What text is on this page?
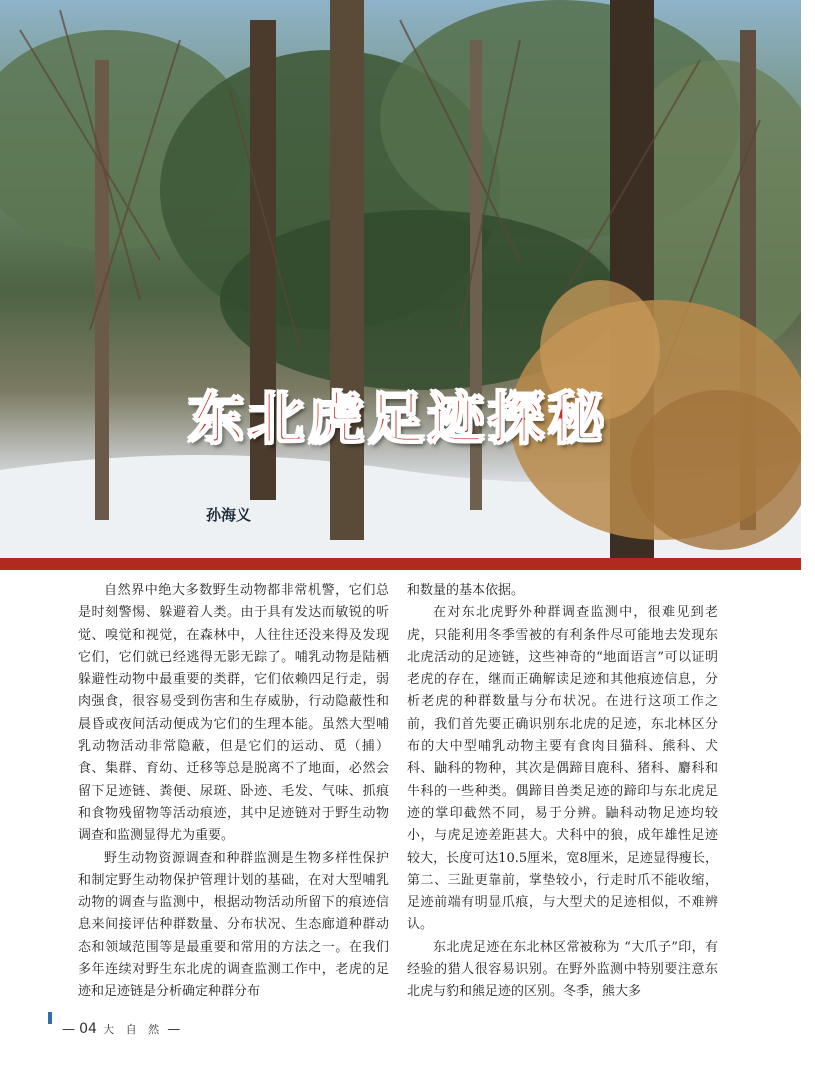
东北虎足迹探秘
孙海义

自然界中绝大多数野生动物都非常机警，它们总是时刻警惕、躲避着人类。由于具有发达而敏锐的听觉、嗅觉和视觉，在森林中，人往往还没来得及发现它们，它们就已经逃得无影无踪了。哺乳动物是陆栖躲避性动物中最重要的类群，它们依赖四足行走，弱肉强食，很容易受到伤害和生存威胁，行动隐蔽性和晨昏或夜间活动便成为它们的生理本能。虽然大型哺乳动物活动非常隐蔽，但是它们的运动、觅（捕）食、集群、育幼、迁移等总是脱离不了地面，必然会留下足迹链、粪便、尿斑、卧迹、毛发、气味、抓痕和食物残留物等活动痕迹，其中足迹链对于野生动物调查和监测显得尤为重要。

野生动物资源调查和种群监测是生物多样性保护和制定野生动物保护管理计划的基础，在对大型哺乳动物的调查与监测中，根据动物活动所留下的痕迹信息来间接评估种群数量、分布状况、生态廊道种群动态和领域范围等是最重要和常用的方法之一。在我们多年连续对野生东北虎的调查监测工作中，老虎的足迹和足迹链是分析确定种群分布

和数量的基本依据。

在对东北虎野外种群调查监测中，很难见到老虎，只能利用冬季雪被的有利条件尽可能地去发现东北虎活动的足迹链，这些神奇的“地面语言”可以证明老虎的存在，继而正确解读足迹和其他痕迹信息，分析老虎的种群数量与分布状况。在进行这项工作之前，我们首先要正确识别东北虎的足迹，东北林区分布的大中型哺乳动物主要有食肉目猫科、熊科、犬科、鼬科的物种，其次是偶蹄目鹿科、猪科、麝科和牛科的一些种类。偶蹄目兽类足迹的蹄印与东北虎足迹的掌印截然不同，易于分辨。鼬科动物足迹均较小，与虎足迹差距甚大。犬科中的狼，成年雄性足迹较大，长度可达10.5厘米，宽8厘米，足迹显得瘦长，第二、三趾更靠前，掌垫较小，行走时爪不能收缩，足迹前端有明显爪痕，与大型犬的足迹相似，不难辨认。

东北虎足迹在东北林区常被称为 “大爪子”印，有经验的猎人很容易识别。在野外监测中特别要注意东北虎与豹和熊足迹的区别。冬季，熊大多

— 04 大 自 然 —
